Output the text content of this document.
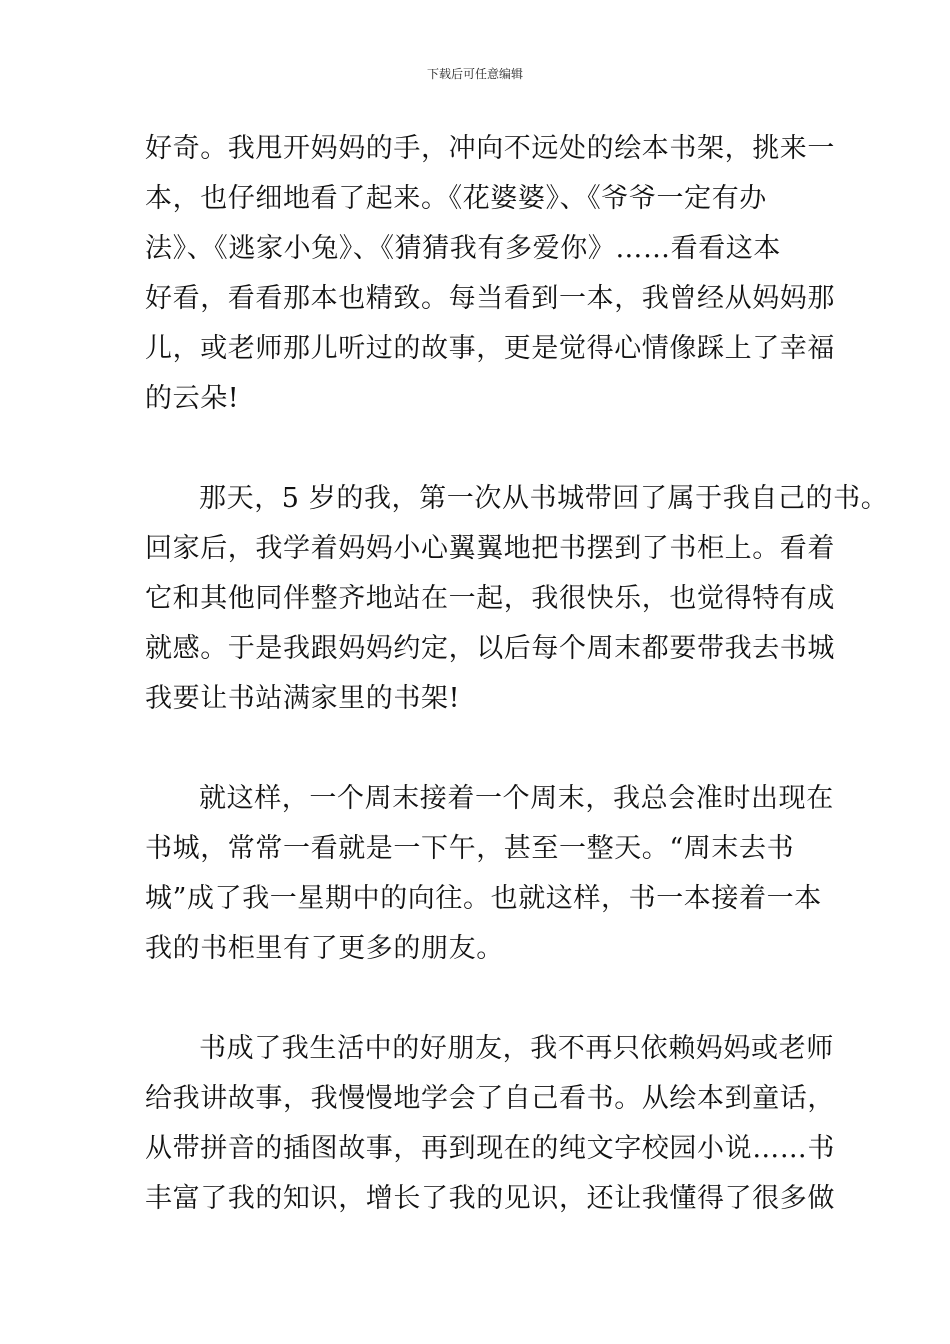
下载后可任意编辑
好奇。我甩开妈妈的手，冲向不远处的绘本书架，挑来一
本，也仔细地看了起来。《花婆婆》、《爷爷一定有办
法》、《逃家小兔》、《猜猜我有多爱你》……看看这本
好看，看看那本也精致。每当看到一本，我曾经从妈妈那
儿，或老师那儿听过的故事，更是觉得心情像踩上了幸福
的云朵!
那天，5 岁的我，第一次从书城带回了属于我自己的书。
回家后，我学着妈妈小心翼翼地把书摆到了书柜上。看着
它和其他同伴整齐地站在一起，我很快乐，也觉得特有成
就感。于是我跟妈妈约定，以后每个周末都要带我去书城
我要让书站满家里的书架!
就这样，一个周末接着一个周末，我总会准时出现在
书城，常常一看就是一下午，甚至一整天。“周末去书
城”成了我一星期中的向往。也就这样，书一本接着一本
我的书柜里有了更多的朋友。
书成了我生活中的好朋友，我不再只依赖妈妈或老师
给我讲故事，我慢慢地学会了自己看书。从绘本到童话，
从带拼音的插图故事，再到现在的纯文字校园小说……书
丰富了我的知识，增长了我的见识，还让我懂得了很多做
